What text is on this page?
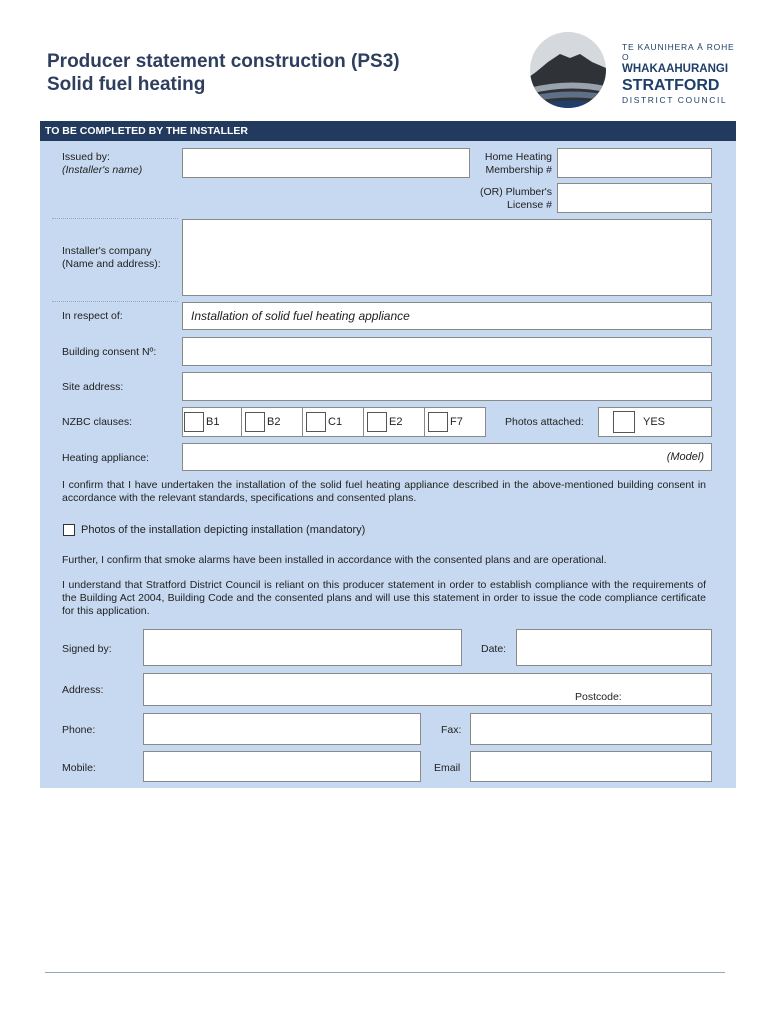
Producer statement construction (PS3)
Solid fuel heating
TE KAUNIHERA Ā ROHE O
WHAKAAHURANGI
STRATFORD
DISTRICT COUNCIL
TO BE COMPLETED BY THE INSTALLER
Issued by:
(Installer's name)
Home Heating
Membership #
(OR) Plumber's
License #
Installer's company
(Name and address):
In respect of:	Installation of solid fuel heating appliance
Building consent Nº:
Site address:
NZBC clauses:	B1	B2	C1	E2	F7	Photos attached:	YES
Heating appliance:	(Model)

I confirm that I have undertaken the installation of the solid fuel heating appliance described in the above-mentioned building consent in accordance with the relevant standards, specifications and consented plans.

Photos of the installation depicting installation (mandatory)

Further, I confirm that smoke alarms have been installed in accordance with the consented plans and are operational.

I understand that Stratford District Council is reliant on this producer statement in order to establish compliance with the requirements of the Building Act 2004, Building Code and the consented plans and will use this statement in order to issue the code compliance certificate for this application.

Signed by:	Date:
Address:
Postcode:
Phone:	Fax:
Mobile:	Email
